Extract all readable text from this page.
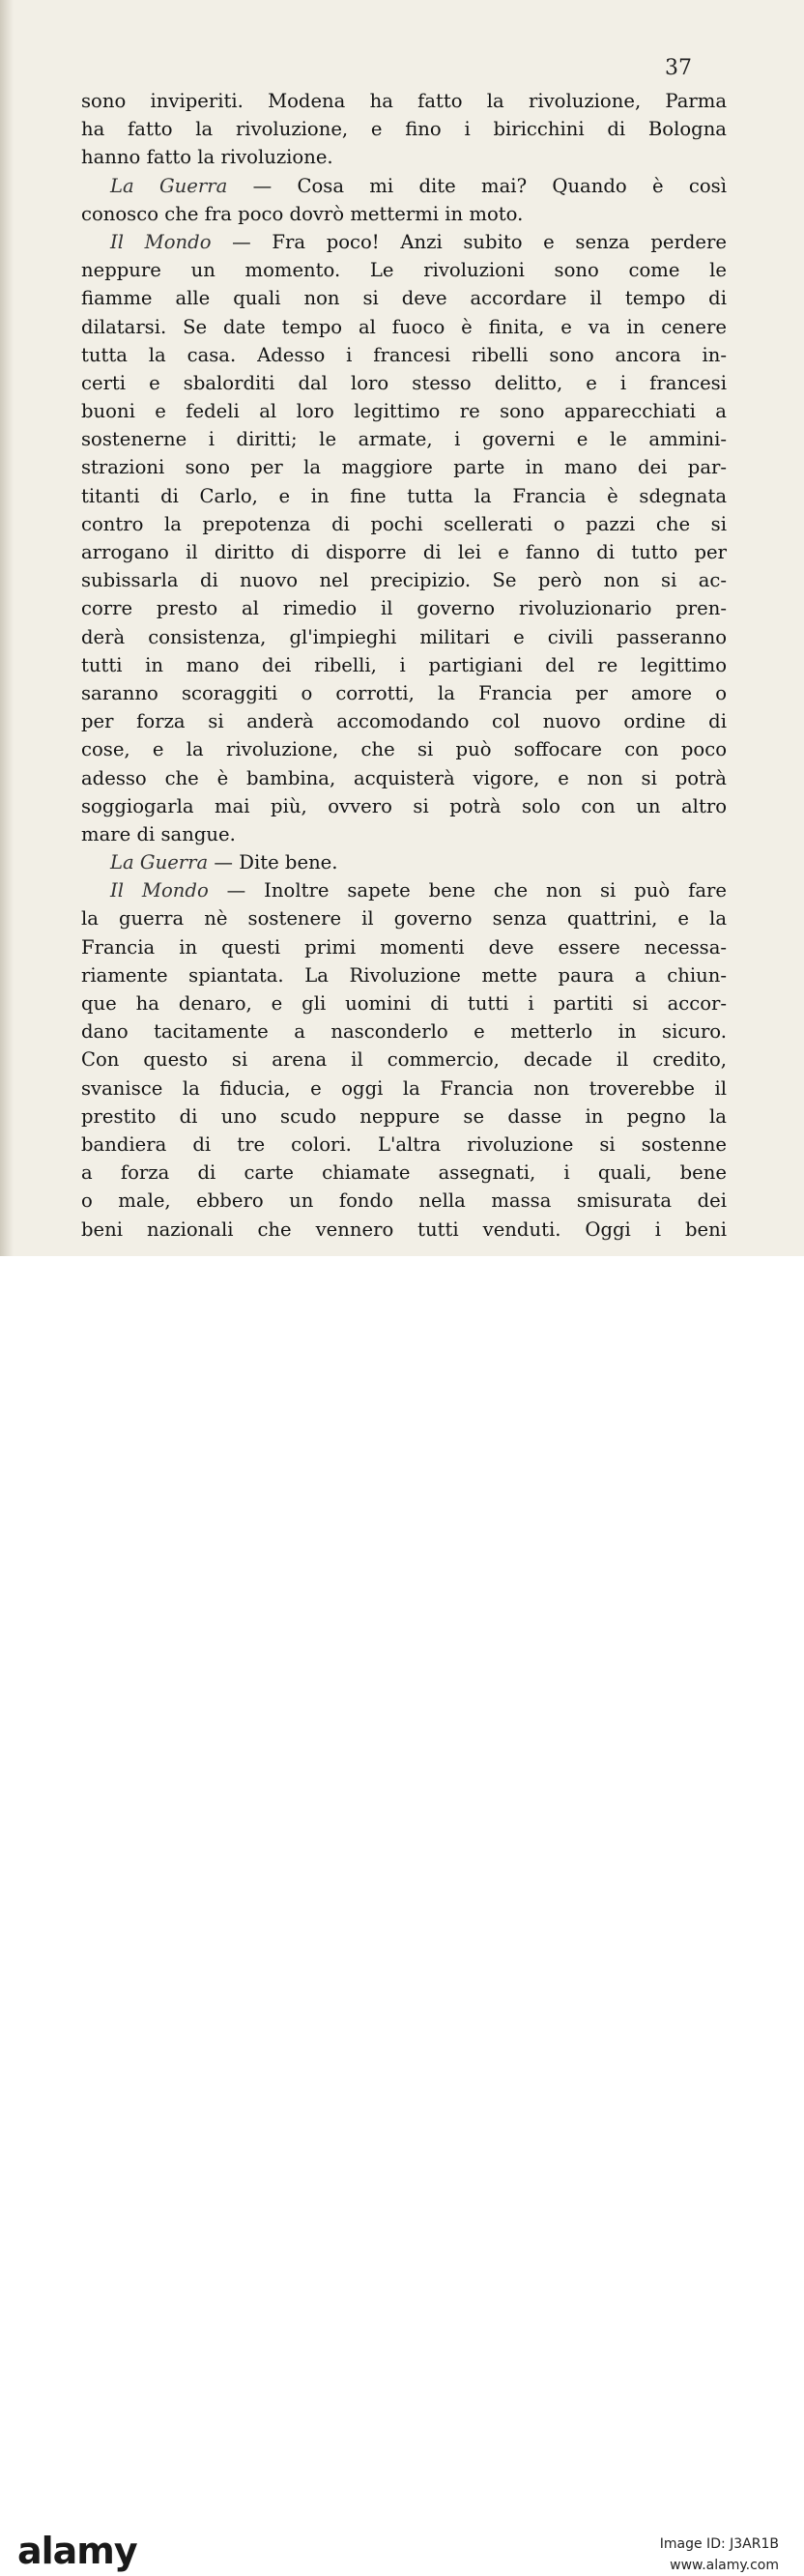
37
sono inviperiti. Modena ha fatto la rivoluzione, Parma
ha fatto la rivoluzione, e fino i biricchini di Bologna
hanno fatto la rivoluzione.
La Guerra — Cosa mi dite mai? Quando è così
conosco che fra poco dovrò mettermi in moto.
Il Mondo — Fra poco! Anzi subito e senza perdere
neppure un momento. Le rivoluzioni sono come le
fiamme alle quali non si deve accordare il tempo di
dilatarsi. Se date tempo al fuoco è finita, e va in cenere
tutta la casa. Adesso i francesi ribelli sono ancora in-
certi e sbalorditi dal loro stesso delitto, e i francesi
buoni e fedeli al loro legittimo re sono apparecchiati a
sostenerne i diritti; le armate, i governi e le ammini-
strazioni sono per la maggiore parte in mano dei par-
titanti di Carlo, e in fine tutta la Francia è sdegnata
contro la prepotenza di pochi scellerati o pazzi che si
arrogano il diritto di disporre di lei e fanno di tutto per
subissarla di nuovo nel precipizio. Se però non si ac-
corre presto al rimedio il governo rivoluzionario pren-
derà consistenza, gl'impieghi militari e civili passeranno
tutti in mano dei ribelli, i partigiani del re legittimo
saranno scoraggiti o corrotti, la Francia per amore o
per forza si anderà accomodando col nuovo ordine di
cose, e la rivoluzione, che si può soffocare con poco
adesso che è bambina, acquisterà vigore, e non si potrà
soggiogarla mai più, ovvero si potrà solo con un altro
mare di sangue.
La Guerra — Dite bene.
Il Mondo — Inoltre sapete bene che non si può fare
la guerra nè sostenere il governo senza quattrini, e la
Francia in questi primi momenti deve essere necessa-
riamente spiantata. La Rivoluzione mette paura a chiun-
que ha denaro, e gli uomini di tutti i partiti si accor-
dano tacitamente a nasconderlo e metterlo in sicuro.
Con questo si arena il commercio, decade il credito,
svanisce la fiducia, e oggi la Francia non troverebbe il
prestito di uno scudo neppure se dasse in pegno la
bandiera di tre colori. L'altra rivoluzione si sostenne
a forza di carte chiamate assegnati, i quali, bene
o male, ebbero un fondo nella massa smisurata dei
beni nazionali che vennero tutti venduti. Oggi i beni
alamy	Image ID: J3AR1B
www.alamy.com
